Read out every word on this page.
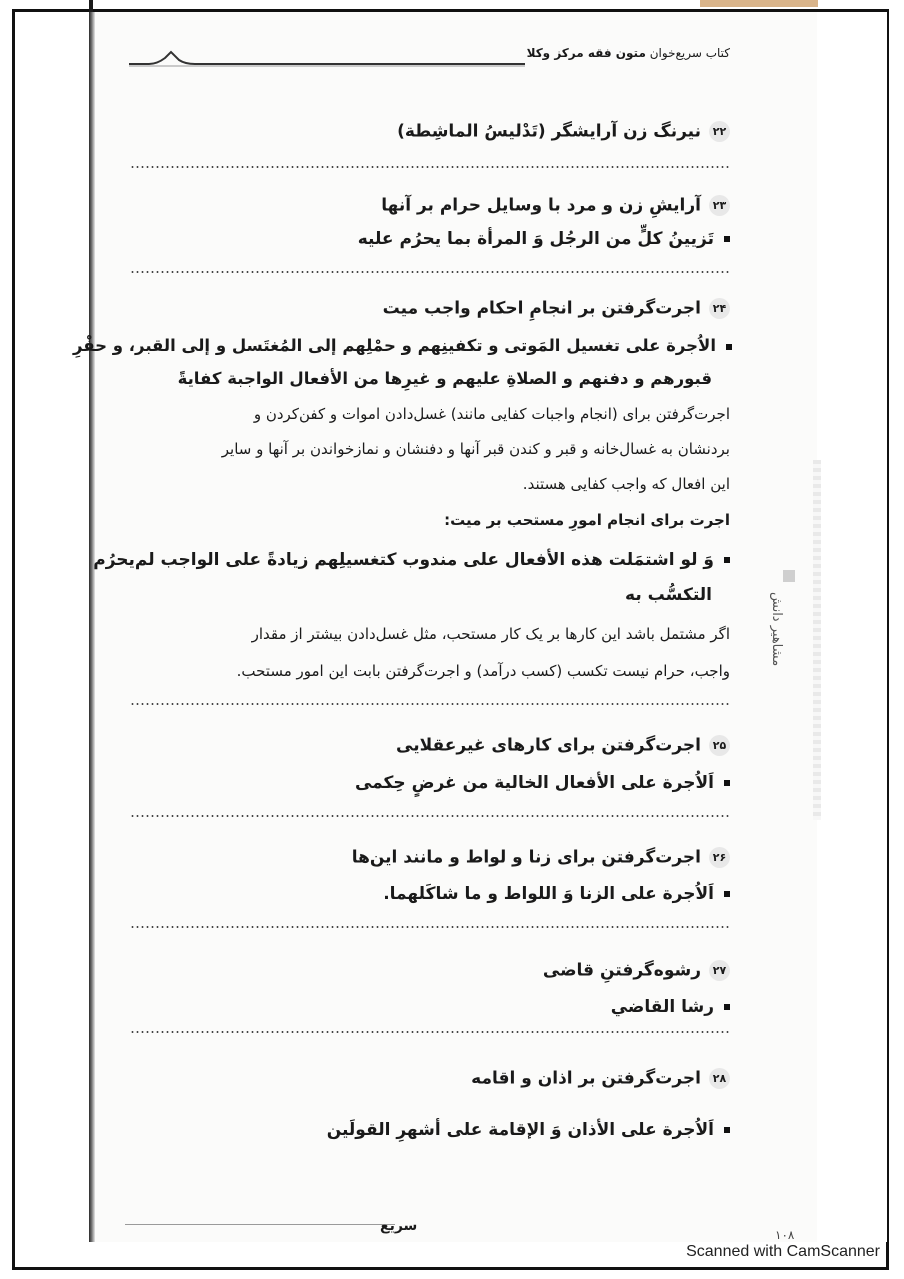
کتاب سریع‌خوان متون فقه مرکز وکلا
۲۲نیرنگ زن آرایشگر (تَدْلیسُ الماشِطة)
۲۳آرایشِ زن و مرد با وسایل حرام بر آنها
تَزیینُ کلٍّ من الرجُل وَ المرأة بما یحرُم علیه
۲۴اجرت‌گرفتن بر انجامِ احکام واجب میت
الاُجرة علی تغسیل المَوتی و تکفینِهم و حمْلِهم إلی المُغتَسل و إلی القبر، و حفْرِ
قبورهم و دفنهم و الصلاةِ علیهم و غیرِها من الأفعال الواجبة کفایةً
اجرت‌گرفتن برای (انجام واجبات کفایی مانند) غسل‌دادن اموات و کفن‌کردن و
بردنشان به غسال‌خانه و قبر و کندن قبر آنها و دفنشان و نمازخواندن بر آنها و سایر
این افعال که واجب کفایی هستند.
اجرت برای انجام امورِ مستحب بر میت:
وَ لو اشتمَلت هذه الأفعال علی مندوب کتغسیلِهم زیادةً علی الواجب لم‌یحرُم
التکسُّب به
اگر مشتمل باشد این کارها بر یک کار مستحب، مثل غسل‌دادن بیشتر از مقدار
واجب، حرام نیست تکسب (کسب درآمد) و اجرت‌گرفتن بابت این امور مستحب.
۲۵اجرت‌گرفتن برای کارهای غیرعقلایی
اَلاُجرة علی الأفعال الخالیة من غرضٍ حِکمی
۲۶اجرت‌گرفتن برای زنا و لواط و مانند این‌ها
اَلاُجرة علی الزنا وَ اللواط و ما شاکَلهما.
۲۷رشوه‌گرفتنِ قاضی
رشا القاضي
۲۸اجرت‌گرفتن بر اذان و اقامه
اَلاُجرة علی الأذان وَ الإقامة علی أشهرِ القولَین
مشاهیر دانش
سریع
۱۰۸
Scanned with CamScanner
